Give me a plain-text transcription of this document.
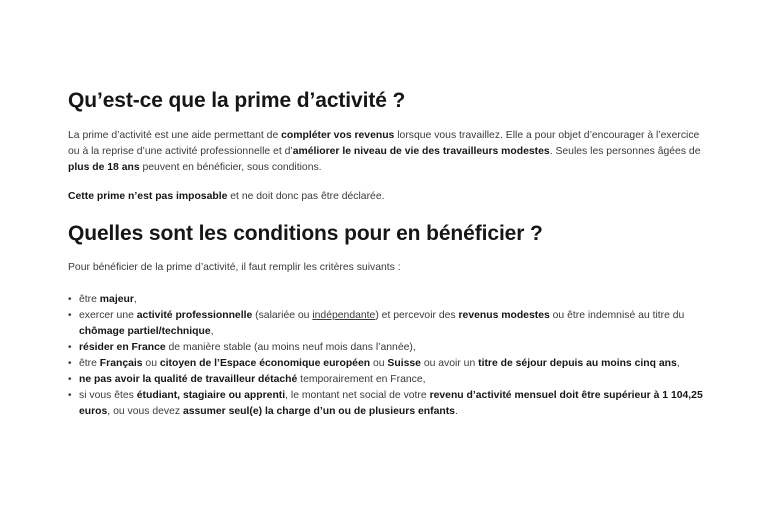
Qu’est-ce que la prime d’activité ?

La prime d’activité est une aide permettant de compléter vos revenus lorsque vous travaillez. Elle a pour objet d’encourager à l’exercice ou à la reprise d’une activité professionnelle et d’améliorer le niveau de vie des travailleurs modestes. Seules les personnes âgées de plus de 18 ans peuvent en bénéficier, sous conditions.

Cette prime n’est pas imposable et ne doit donc pas être déclarée.

Quelles sont les conditions pour en bénéficier ?

Pour bénéficier de la prime d’activité, il faut remplir les critères suivants :

• être majeur,
• exercer une activité professionnelle (salariée ou indépendante) et percevoir des revenus modestes ou être indemnisé au titre du chômage partiel/technique,
• résider en France de manière stable (au moins neuf mois dans l’année),
• être Français ou citoyen de l’Espace économique européen ou Suisse ou avoir un titre de séjour depuis au moins cinq ans,
• ne pas avoir la qualité de travailleur détaché temporairement en France,
• si vous êtes étudiant, stagiaire ou apprenti, le montant net social de votre revenu d’activité mensuel doit être supérieur à 1 104,25 euros, ou vous devez assumer seul(e) la charge d’un ou de plusieurs enfants.
